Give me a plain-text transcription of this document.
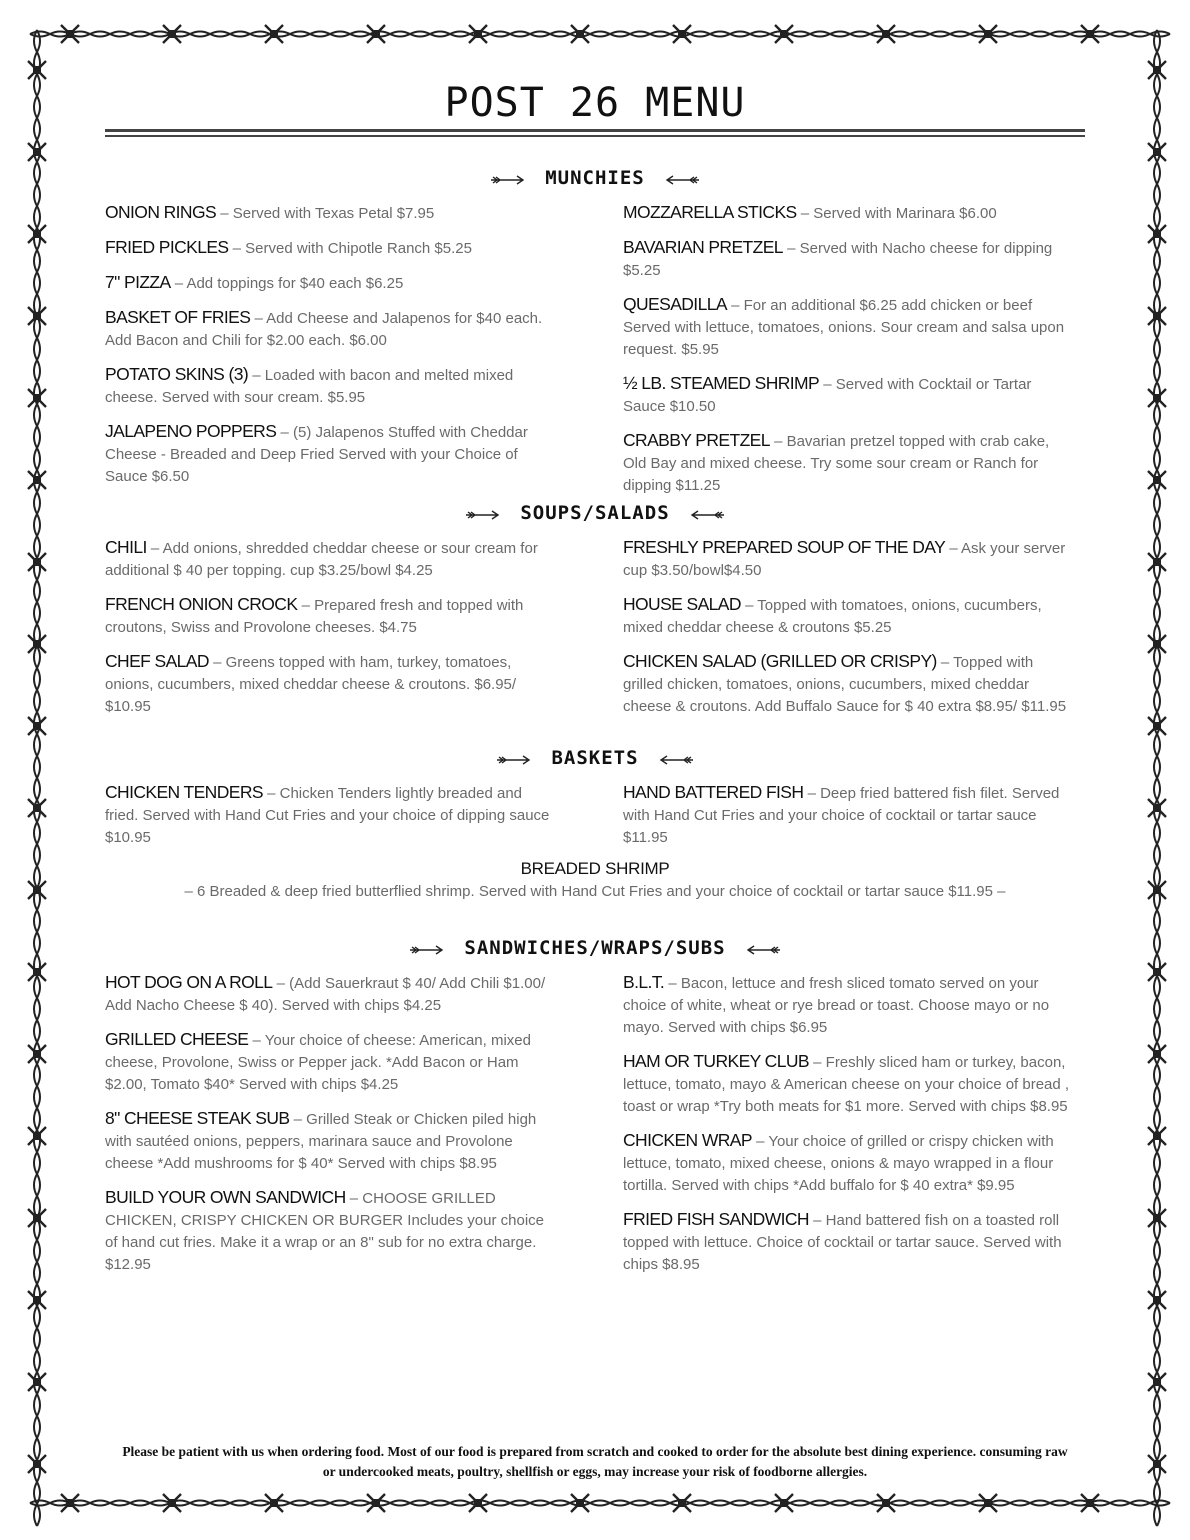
POST 26 MENU
MUNCHIES
ONION RINGS – Served with Texas Petal $7.95
FRIED PICKLES – Served with Chipotle Ranch $5.25
7" PIZZA – Add toppings for $40 each $6.25
BASKET OF FRIES – Add Cheese and Jalapenos for $40 each. Add Bacon and Chili for $2.00 each. $6.00
POTATO SKINS (3) – Loaded with bacon and melted mixed cheese. Served with sour cream. $5.95
JALAPENO POPPERS – (5) Jalapenos Stuffed with Cheddar Cheese - Breaded and Deep Fried Served with your Choice of Sauce $6.50
MOZZARELLA STICKS – Served with Marinara $6.00
BAVARIAN PRETZEL – Served with Nacho cheese for dipping $5.25
QUESADILLA – For an additional $6.25 add chicken or beef Served with lettuce, tomatoes, onions. Sour cream and salsa upon request. $5.95
½ LB. STEAMED SHRIMP – Served with Cocktail or Tartar Sauce $10.50
CRABBY PRETZEL – Bavarian pretzel topped with crab cake, Old Bay and mixed cheese. Try some sour cream or Ranch for dipping $11.25
SOUPS/SALADS
CHILI – Add onions, shredded cheddar cheese or sour cream for additional $ 40 per topping. cup $3.25/bowl $4.25
FRENCH ONION CROCK – Prepared fresh and topped with croutons, Swiss and Provolone cheeses. $4.75
CHEF SALAD – Greens topped with ham, turkey, tomatoes, onions, cucumbers, mixed cheddar cheese & croutons. $6.95/ $10.95
FRESHLY PREPARED SOUP OF THE DAY – Ask your server cup $3.50/bowl$4.50
HOUSE SALAD – Topped with tomatoes, onions, cucumbers, mixed cheddar cheese & croutons $5.25
CHICKEN SALAD (GRILLED OR CRISPY) – Topped with grilled chicken, tomatoes, onions, cucumbers, mixed cheddar cheese & croutons. Add Buffalo Sauce for $ 40 extra $8.95/ $11.95
BASKETS
CHICKEN TENDERS – Chicken Tenders lightly breaded and fried. Served with Hand Cut Fries and your choice of dipping sauce $10.95
HAND BATTERED FISH – Deep fried battered fish filet. Served with Hand Cut Fries and your choice of cocktail or tartar sauce $11.95
BREADED SHRIMP
– 6 Breaded & deep fried butterflied shrimp. Served with Hand Cut Fries and your choice of cocktail or tartar sauce $11.95 –
SANDWICHES/WRAPS/SUBS
HOT DOG ON A ROLL – (Add Sauerkraut $ 40/ Add Chili $1.00/ Add Nacho Cheese $ 40). Served with chips $4.25
GRILLED CHEESE – Your choice of cheese: American, mixed cheese, Provolone, Swiss or Pepper jack. *Add Bacon or Ham $2.00, Tomato $40* Served with chips $4.25
8" CHEESE STEAK SUB – Grilled Steak or Chicken piled high with sautéed onions, peppers, marinara sauce and Provolone cheese *Add mushrooms for $ 40* Served with chips $8.95
BUILD YOUR OWN SANDWICH – CHOOSE GRILLED CHICKEN, CRISPY CHICKEN OR BURGER Includes your choice of hand cut fries. Make it a wrap or an 8" sub for no extra charge. $12.95
B.L.T. – Bacon, lettuce and fresh sliced tomato served on your choice of white, wheat or rye bread or toast. Choose mayo or no mayo. Served with chips $6.95
HAM OR TURKEY CLUB – Freshly sliced ham or turkey, bacon, lettuce, tomato, mayo & American cheese on your choice of bread , toast or wrap *Try both meats for $1 more. Served with chips $8.95
CHICKEN WRAP – Your choice of grilled or crispy chicken with lettuce, tomato, mixed cheese, onions & mayo wrapped in a flour tortilla. Served with chips *Add buffalo for $ 40 extra* $9.95
FRIED FISH SANDWICH – Hand battered fish on a toasted roll topped with lettuce. Choice of cocktail or tartar sauce. Served with chips $8.95
Please be patient with us when ordering food. Most of our food is prepared from scratch and cooked to order for the absolute best dining experience. consuming raw or undercooked meats, poultry, shellfish or eggs, may increase your risk of foodborne allergies.
